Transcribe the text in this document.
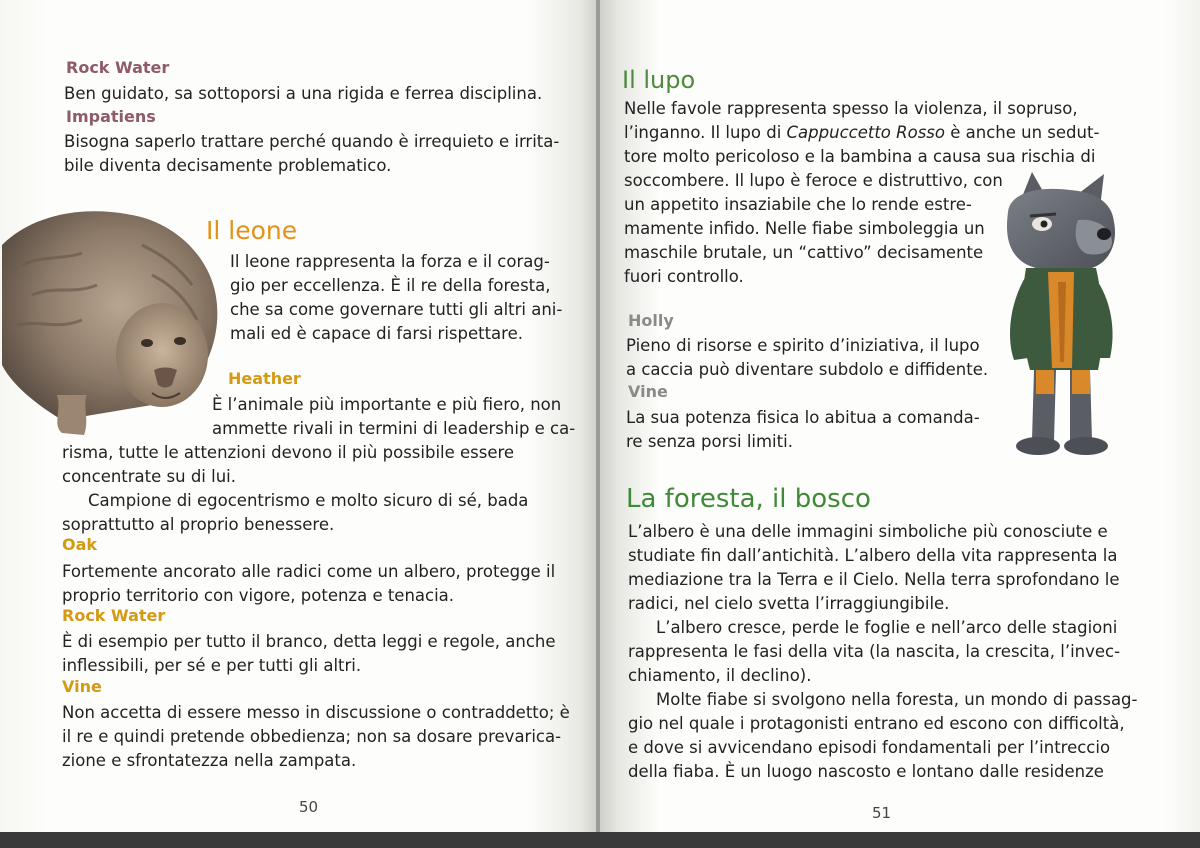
Rock Water
Ben guidato, sa sottoporsi a una rigida e ferrea disciplina.
Impatiens
Bisogna saperlo trattare perché quando è irrequieto e irrita-
bile diventa decisamente problematico.
Il leone
Il leone rappresenta la forza e il corag-
gio per eccellenza. È il re della foresta,
che sa come governare tutti gli altri ani-
mali ed è capace di farsi rispettare.
Heather
È l’animale più importante e più fiero, non
ammette rivali in termini di leadership e ca-
risma, tutte le attenzioni devono il più possibile essere
concentrate su di lui.
Campione di egocentrismo e molto sicuro di sé, bada
soprattutto al proprio benessere.
Oak
Fortemente ancorato alle radici come un albero, protegge il
proprio territorio con vigore, potenza e tenacia.
Rock Water
È di esempio per tutto il branco, detta leggi e regole, anche
inflessibili, per sé e per tutti gli altri.
Vine
Non accetta di essere messo in discussione o contraddetto; è
il re e quindi pretende obbedienza; non sa dosare prevarica-
zione e sfrontatezza nella zampata.
50
Il lupo
Nelle favole rappresenta spesso la violenza, il sopruso,
l’inganno. Il lupo di Cappuccetto Rosso è anche un sedut-
tore molto pericoloso e la bambina a causa sua rischia di
soccombere. Il lupo è feroce e distruttivo, con
un appetito insaziabile che lo rende estre-
mamente infido. Nelle fiabe simboleggia un
maschile brutale, un “cattivo” decisamente
fuori controllo.
Holly
Pieno di risorse e spirito d’iniziativa, il lupo
a caccia può diventare subdolo e diffidente.
Vine
La sua potenza fisica lo abitua a comanda-
re senza porsi limiti.
La foresta, il bosco
L’albero è una delle immagini simboliche più conosciute e
studiate fin dall’antichità. L’albero della vita rappresenta la
mediazione tra la Terra e il Cielo. Nella terra sprofondano le
radici, nel cielo svetta l’irraggiungibile.
L’albero cresce, perde le foglie e nell’arco delle stagioni
rappresenta le fasi della vita (la nascita, la crescita, l’invec-
chiamento, il declino).
Molte fiabe si svolgono nella foresta, un mondo di passag-
gio nel quale i protagonisti entrano ed escono con difficoltà,
e dove si avvicendano episodi fondamentali per l’intreccio
della fiaba. È un luogo nascosto e lontano dalle residenze
51
